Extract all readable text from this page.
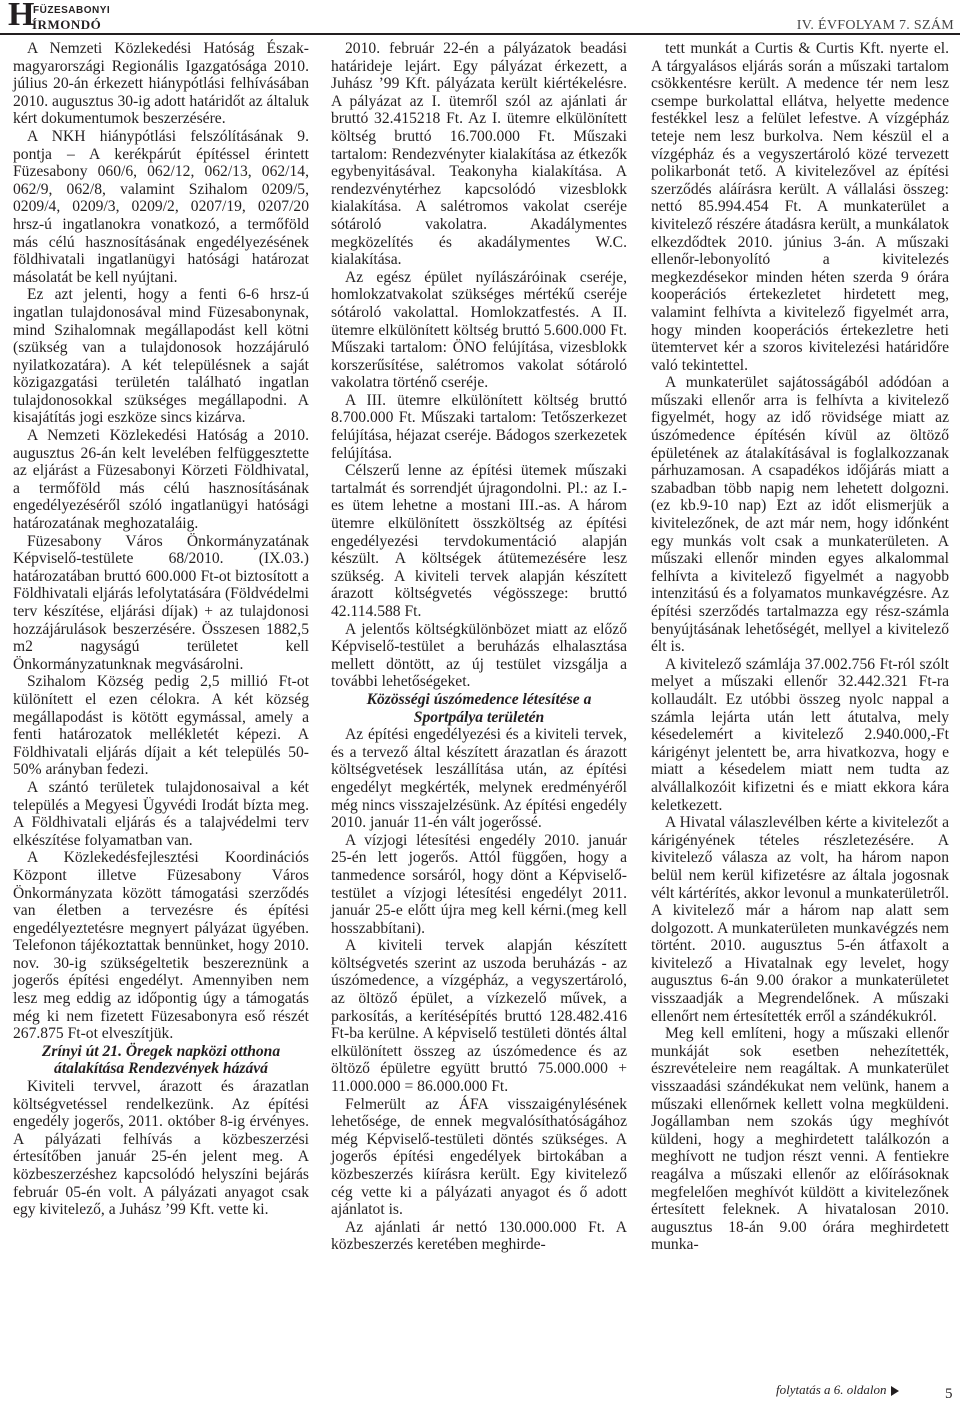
H
FÜZESABONYI
ÍRMONDÓ	IV. ÉVFOLYAM 7. SZÁM

A Nemzeti Közlekedési Hatóság Észak-magyarországi Regionális Igazgatósága 2010. július 20-án érkezett hiánypótlási felhívásában 2010. augusztus 30-ig adott határidőt az általuk kért dokumentumok beszerzésére.

A NKH hiánypótlási felszólításának 9. pontja – A kerékpárút építéssel érintett Füzesabony 060/6, 062/12, 062/13, 062/14, 062/9, 062/8, valamint Szihalom 0209/5, 0209/4, 0209/3, 0209/2, 0207/19, 0207/20 hrsz-ú ingatlanokra vonatkozó, a termőföld más célú hasznosításának engedélyezésének földhivatali ingatlanügyi hatósági határozat másolatát be kell nyújtani.

Ez azt jelenti, hogy a fenti 6-6 hrsz-ú ingatlan tulajdonosával mind Füzesabonynak, mind Szihalomnak megállapodást kell kötni (szükség van a tulajdonosok hozzájáruló nyilatkozatára). A két településnek a saját közigazgatási területén található ingatlan tulajdonosokkal szükséges megállapodni. A kisajátítás jogi eszköze sincs kizárva.

A Nemzeti Közlekedési Hatóság a 2010. augusztus 26-án kelt levelében felfüggesztette az eljárást a Füzesabonyi Körzeti Földhivatal, a termőföld más célú hasznosításának engedélyezéséről szóló ingatlanügyi hatósági határozatának meghozataláig.

Füzesabony Város Önkormányzatának Képviselő-testülete 68/2010. (IX.03.) határozatában bruttó 600.000 Ft-ot biztosított a Földhivatali eljárás lefolytatására (Földvédelmi terv készítése, eljárási díjak) + az tulajdonosi hozzájárulások beszerzésére. Összesen 1882,5 m2 nagyságú területet kell Önkormányzatunknak megvásárolni.

Szihalom Község pedig 2,5 millió Ft-ot különített el ezen célokra. A két község megállapodást is kötött egymással, amely a fenti határozatok mellékletét képezi. A Földhivatali eljárás díjait a két település 50-50% arányban fedezi.

A szántó területek tulajdonosaival a két település a Megyesi Ügyvédi Irodát bízta meg. A Földhivatali eljárás és a talajvédelmi terv elkészítése folyamatban van.

A Közlekedésfejlesztési Koordinációs Központ illetve Füzesabony Város Önkormányzata között támogatási szerződés van életben a tervezésre és építési engedélyeztetésre megnyert pályázat ügyében. Telefonon tájékoztattak bennünket, hogy 2010. nov. 30-ig szükségeltetik beszereznünk a jogerős építési engedélyt. Amennyiben nem lesz meg eddig az időpontig úgy a támogatás még ki nem fizetett Füzesabonyra eső részét 267.875 Ft-ot elveszítjük.

Zrínyi út 21. Öregek napközi otthona átalakítása Rendezvények házává

Kiviteli tervvel, árazott és árazatlan költségvetéssel rendelkezünk. Az építési engedély jogerős, 2011. október 8-ig érvényes. A pályázati felhívás a közbeszerzési értesítőben január 25-én jelent meg. A közbeszerzéshez kapcsolódó helyszíni bejárás február 05-én volt. A pályázati anyagot csak egy kivitelező, a Juhász ’99 Kft. vette ki.

2010. február 22-én a pályázatok beadási határideje lejárt. Egy pályázat érkezett, a Juhász ’99 Kft. pályázata került kiértékelésre. A pályázat az I. ütemről szól az ajánlati ár bruttó 32.415218 Ft. Az I. ütemre elkülönített költség bruttó 16.700.000 Ft. Műszaki tartalom: Rendezvényter kialakítása az étkezők egybenyitásával. Teakonyha kialakítása. A rendezvénytérhez kapcsolódó vizesblokk kialakítása. A salétromos vakolat cseréje sótároló vakolatra. Akadálymentes megközelítés és akadálymentes W.C. kialakítása.

Az egész épület nyílászáróinak cseréje, homlokzatvakolat szükséges mértékű cseréje sótároló vakolattal. Homlokzatfestés. A II. ütemre elkülönített költség bruttó 5.600.000 Ft. Műszaki tartalom: ÖNO felújítása, vizesblokk korszerűsítése, salétromos vakolat sótároló vakolatra történő cseréje.

A III. ütemre elkülönített költség bruttó 8.700.000 Ft. Műszaki tartalom: Tetőszerkezet felújítása, héjazat cseréje. Bádogos szerkezetek felújítása.

Célszerű lenne az építési ütemek műszaki tartalmát és sorrendjét újragondolni. Pl.: az I.-es ütem lehetne a mostani III.-as. A három ütemre elkülönített összköltség az építési engedélyezési tervdokumentáció alapján készült. A költségek átütemezésére lesz szükség. A kiviteli tervek alapján készített árazott költségvetés végösszege: bruttó 42.114.588 Ft.

A jelentős költségkülönbözet miatt az előző Képviselő-testület a beruházás elhalasztása mellett döntött, az új testület vizsgálja a további lehetőségeket.

Közösségi úszómedence létesítése a Sportpálya területén

Az építési engedélyezési és a kiviteli tervek, és a tervező által készített árazatlan és árazott költségvetések leszállítása után, az építési engedélyt megkérték, melynek eredményéről még nincs visszajelzésünk. Az építési engedély 2010. január 11-én vált jogerőssé.

A vízjogi létesítési engedély 2010. január 25-én lett jogerős. Attól függően, hogy a tanmedence sorsáról, hogy dönt a Képviselő-testület a vízjogi létesítési engedélyt 2011. január 25-e előtt újra meg kell kérni.(meg kell hosszabbítani).

A kiviteli tervek alapján készített költségvetés szerint az uszoda beruházás - az úszómedence, a vízgépház, a vegyszertároló, az öltöző épület, a vízkezelő művek, a parkosítás, a kerítésépítés bruttó 128.482.416 Ft-ba kerülne. A képviselő testületi döntés által elkülönített összeg az úszómedence és az öltöző épületre együtt bruttó 75.000.000 + 11.000.000 = 86.000.000 Ft.

Felmerült az ÁFA visszaigénylésének lehetősége, de ennek megvalósíthatóságához még Képviselő-testületi döntés szükséges. A jogerős építési engedélyek birtokában a közbeszerzés kiírásra került. Egy kivitelező cég vette ki a pályázati anyagot és ő adott ajánlatot is.

Az ajánlati ár nettó 130.000.000 Ft. A közbeszerzés keretében meghirde-

tett munkát a Curtis & Curtis Kft. nyerte el. A tárgyalásos eljárás során a műszaki tartalom csökkentésre került. A medence tér nem lesz csempe burkolattal ellátva, helyette medence festékkel lesz a felület lefestve. A vízgépház teteje nem lesz burkolva. Nem készül el a vízgépház és a vegyszertároló közé tervezett polikarbonát tető. A kivitelezővel az építési szerződés aláírásra került. A vállalási összeg: nettó 85.994.454 Ft. A munkaterület a kivitelező részére átadásra került, a munkálatok elkezdődtek 2010. június 3-án. A műszaki ellenőr-lebonyolító a kivitelezés megkezdésekor minden héten szerda 9 órára kooperációs értekezletet hirdetett meg, valamint felhívta a kivitelező figyelmét arra, hogy minden kooperációs értekezletre heti ütemtervet kér a szoros kivitelezési határidőre való tekintettel.

A munkaterület sajátosságából adódóan a műszaki ellenőr arra is felhívta a kivitelező figyelmét, hogy az idő rövidsége miatt az úszómedence építésén kívül az öltöző épületének az átalakításával is foglalkozzanak párhuzamosan. A csapadékos időjárás miatt a szabadban több napig nem lehetett dolgozni. (ez kb.9-10 nap) Ezt az időt elismerjük a kivitelezőnek, de azt már nem, hogy időnként egy munkás volt csak a munkaterületen. A műszaki ellenőr minden egyes alkalommal felhívta a kivitelező figyelmét a nagyobb intenzitású és a folyamatos munkavégzésre. Az építési szerződés tartalmazza egy rész-számla benyújtásának lehetőségét, mellyel a kivitelező élt is.

A kivitelező számlája 37.002.756 Ft-ról szólt melyet a műszaki ellenőr 32.442.321 Ft-ra kollaudált. Ez utóbbi összeg nyolc nappal a számla lejárta után lett átutalva, mely késedelemért a kivitelező 2.940.000,-Ft kárigényt jelentett be, arra hivatkozva, hogy e miatt a késedelem miatt nem tudta az alvállalkozóit kifizetni és e miatt ekkora kára keletkezett.

A Hivatal válaszlevélben kérte a kivitelezőt a kárigényének tételes részletezésére. A kivitelező válasza az volt, ha három napon belül nem kerül kifizetésre az általa jogosnak vélt kártérítés, akkor levonul a munkaterületről. A kivitelező már a három nap alatt sem dolgozott. A munkaterületen munkavégzés nem történt. 2010. augusztus 5-én átfaxolt a kivitelező a Hivatalnak egy levelet, hogy augusztus 6-án 9.00 órakor a munkaterületet visszaadják a Megrendelőnek. A műszaki ellenőrt nem értesítették erről a szándékukról.

Meg kell említeni, hogy a műszaki ellenőr munkáját sok esetben nehezítették, észrevételeire nem reagáltak. A munkaterület visszaadási szándékukat nem velünk, hanem a műszaki ellenőrnek kellett volna megküldeni. Jogállamban nem szokás úgy meghívót küldeni, hogy a meghirdetett találkozón a meghívott ne tudjon részt venni. A fentiekre reagálva a műszaki ellenőr az előírásoknak megfelelően meghívót küldött a kivitelezőnek értesített feleknek. A hivatalosan 2010. augusztus 18-án 9.00 órára meghirdetett munka-

folytatás a 6. oldalon	5
